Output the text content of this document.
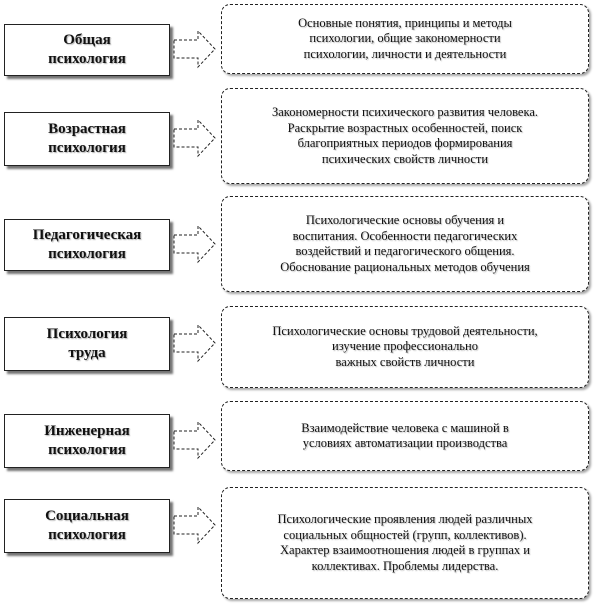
Общая
психология
Основные понятия, принципы и методы
психологии, общие закономерности
психологии, личности и деятельности
Возрастная
психология
Закономерности психического развития человека.
Раскрытие возрастных особенностей, поиск
благоприятных периодов формирования
психических свойств личности
Педагогическая
психология
Психологические основы обучения и
воспитания. Особенности педагогических
воздействий и педагогического общения.
Обоснование рациональных методов обучения
Психология
труда
Психологические основы трудовой деятельности,
изучение профессионально
важных свойств личности
Инженерная
психология
Взаимодействие человека с машиной в
условиях автоматизации производства
Социальная
психология
Психологические проявления людей различных
социальных общностей (групп, коллективов).
Характер взаимоотношения людей в группах и
коллективах. Проблемы лидерства.
